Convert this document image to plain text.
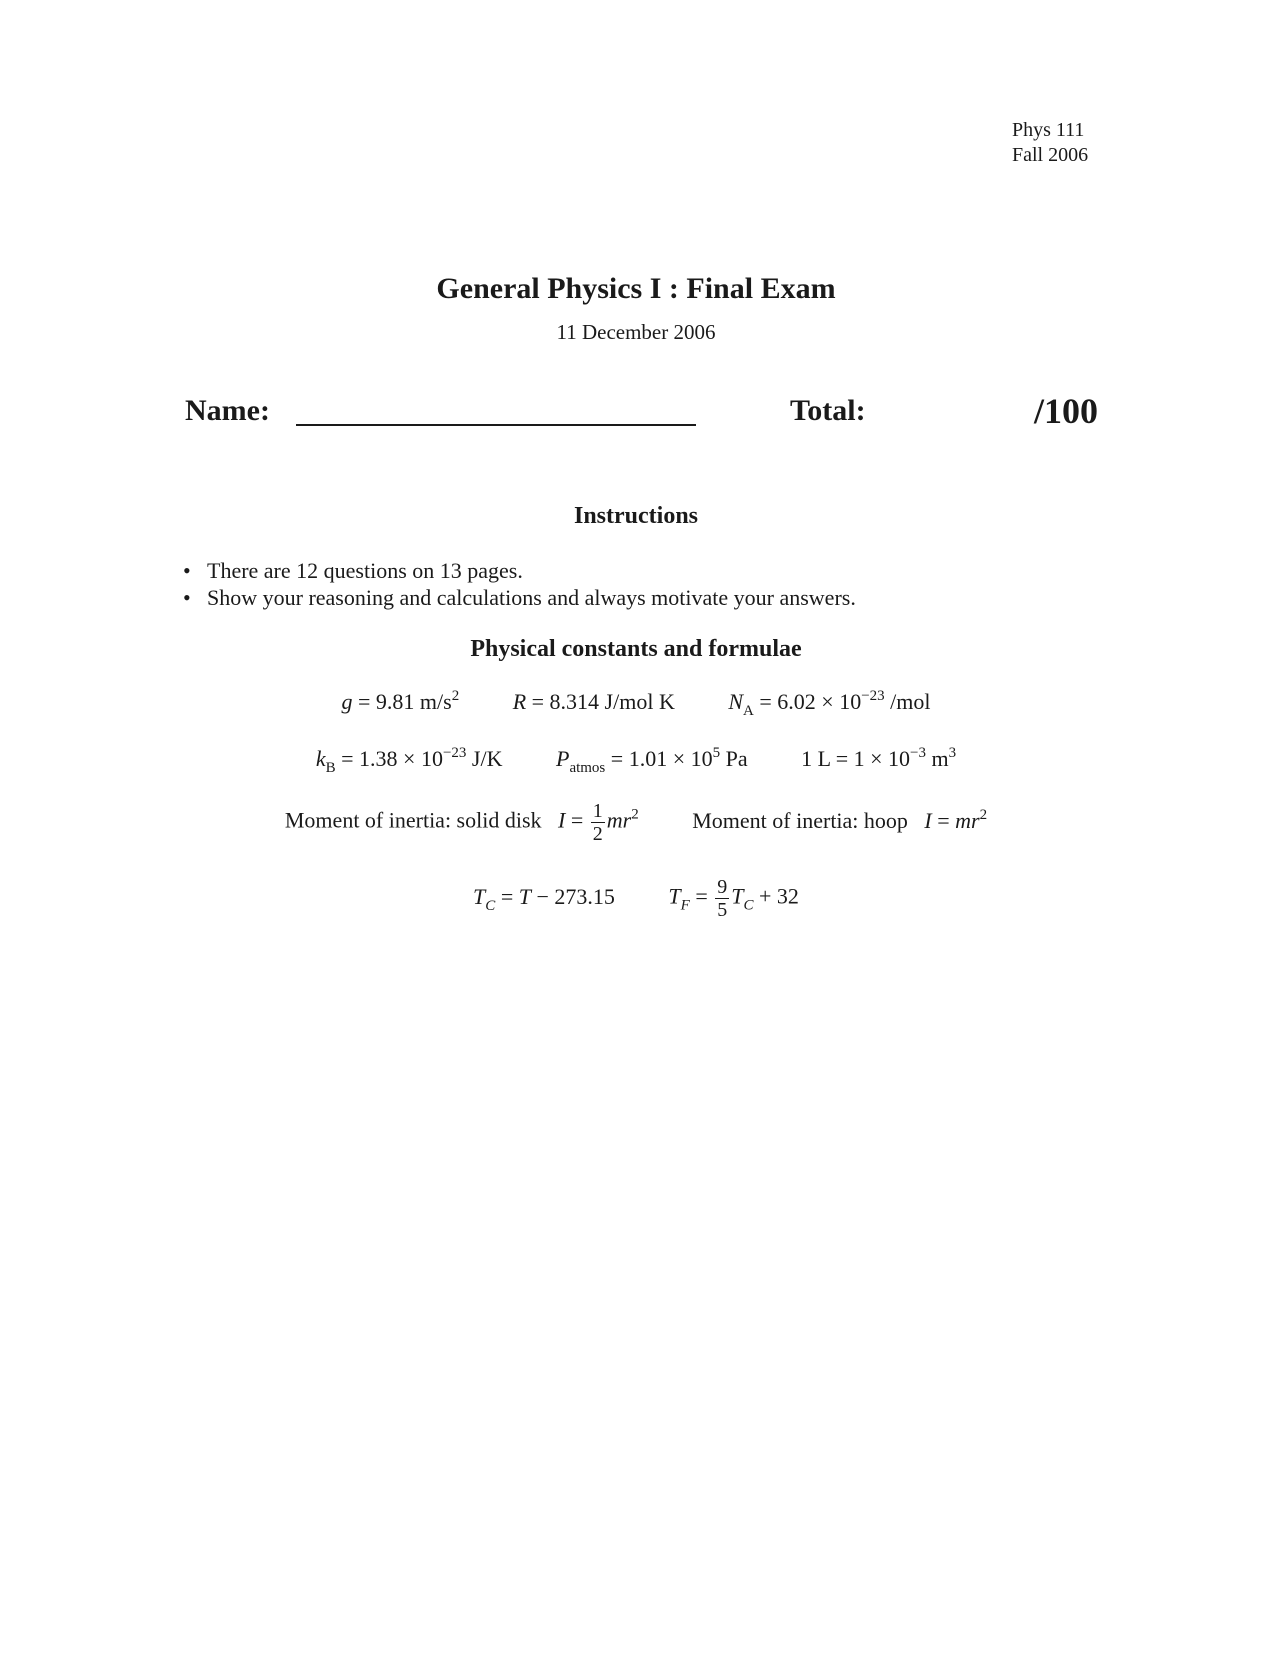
Phys 111
Fall 2006
General Physics I : Final Exam
11 December 2006
Name:	Total:	/100
Instructions
• There are 12 questions on 13 pages.
• Show your reasoning and calculations and always motivate your answers.
Physical constants and formulae
g = 9.81 $m/s^2$ R = 8.314 J/mol K $N_A = 6.02 \times 10^{-23}$ /mol
$k_B = 1.38 \times 10^{-23}$ J/K $P_{atmos} = 1.01 \times 10^5$ Pa 1 $L = 1 \times 10^{-3}$ $m^3$
Moment of inertia: solid disk $I = \frac{1}{2} mr^2$ Moment of inertia: hoop $I = mr^2$
$T_C = T - 273.15$ $T_F = \frac{9}{5} T_C + 32$
